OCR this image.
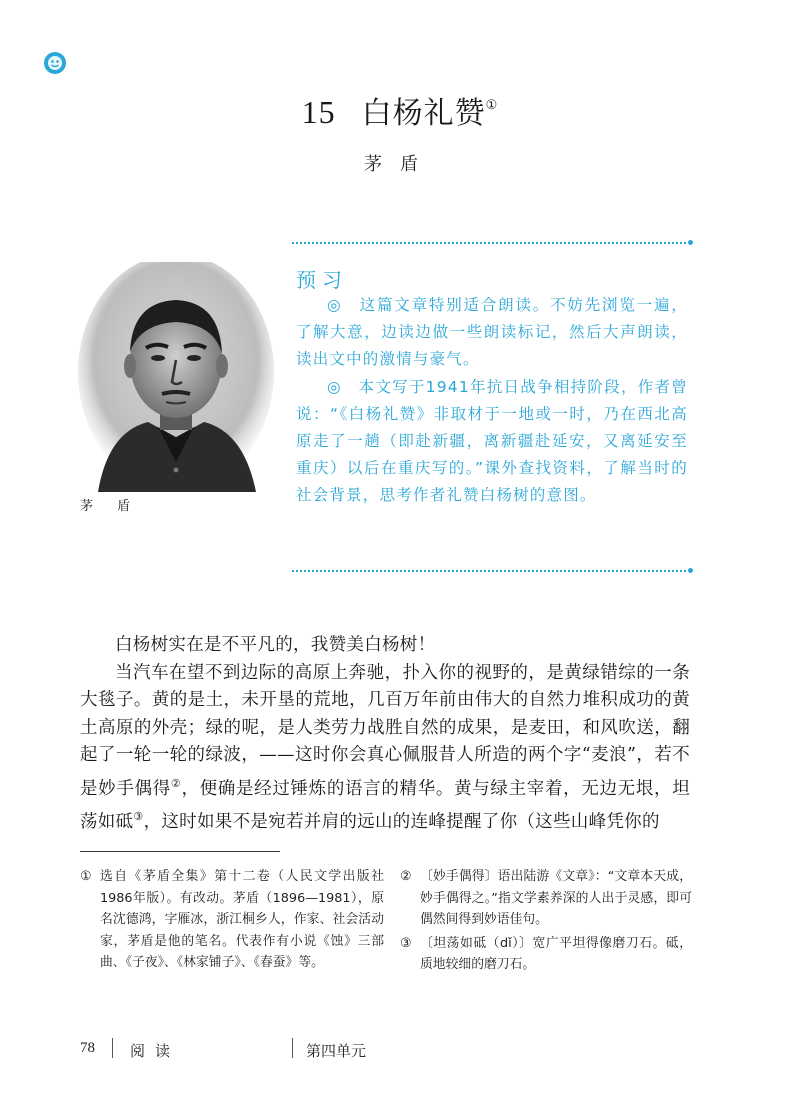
15 白杨礼赞①
茅盾
茅 盾
预习

◎　这篇文章特别适合朗读。不妨先浏览一遍，了解大意，边读边做一些朗读标记，然后大声朗读，读出文中的激情与豪气。

◎　本文写于1941年抗日战争相持阶段，作者曾说：“《白杨礼赞》非取材于一地或一时，乃在西北高原走了一趟（即赴新疆，离新疆赴延安，又离延安至重庆）以后在重庆写的。”课外查找资料，了解当时的社会背景，思考作者礼赞白杨树的意图。

白杨树实在是不平凡的，我赞美白杨树！

当汽车在望不到边际的高原上奔驰，扑入你的视野的，是黄绿错综的一条大毯子。黄的是土，未开垦的荒地，几百万年前由伟大的自然力堆积成功的黄土高原的外壳；绿的呢，是人类劳力战胜自然的成果，是麦田，和风吹送，翻起了一轮一轮的绿波，——这时你会真心佩服昔人所造的两个字“麦浪”，若不是妙手偶得②，便确是经过锤炼的语言的精华。黄与绿主宰着，无边无垠，坦荡如砥③，这时如果不是宛若并肩的远山的连峰提醒了你（这些山峰凭你的

① 选自《茅盾全集》第十二卷（人民文学出版社1986年版）。有改动。茅盾（1896—1981），原名沈德鸿，字雁冰，浙江桐乡人，作家、社会活动家，茅盾是他的笔名。代表作有小说《蚀》三部曲、《子夜》、《林家铺子》、《春蚕》等。
② 〔妙手偶得〕语出陆游《文章》：“文章本天成，妙手偶得之。”指文学素养深的人出于灵感，即可偶然间得到妙语佳句。
③ 〔坦荡如砥（dǐ）〕宽广平坦得像磨刀石。砥，质地较细的磨刀石。
78 阅读	第四单元
